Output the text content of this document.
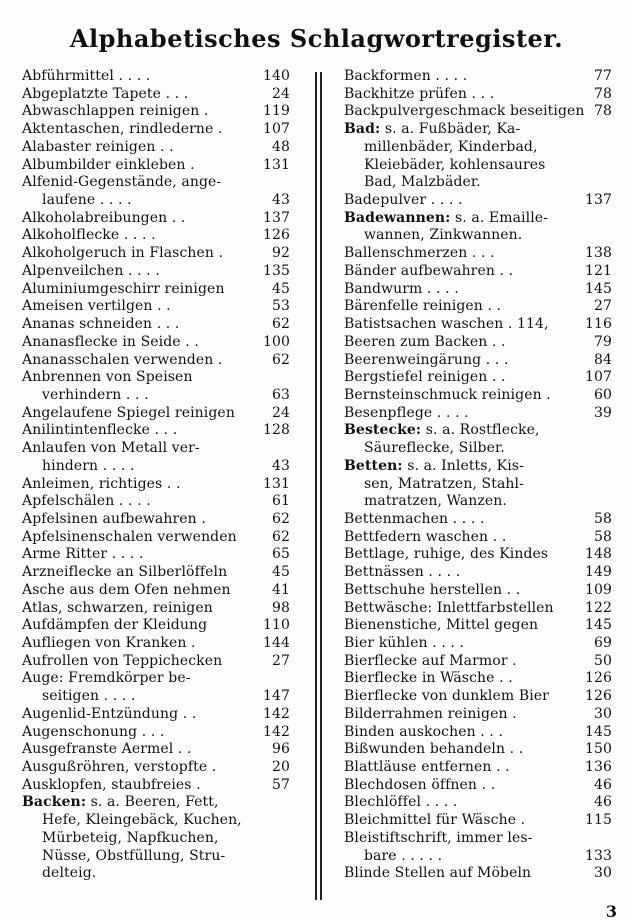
Alphabetisches Schlagwortregister.
Abführmittel . . . .	140
Abgeplatzte Tapete . . .	24
Abwaschlappen reinigen .	119
Aktentaschen, rindlederne .	107
Alabaster reinigen . .	48
Albumbilder einkleben .	131
Alfenid-Gegenstände, ange-
laufene . . . .	43
Alkoholabreibungen . .	137
Alkoholflecke . . . .	126
Alkoholgeruch in Flaschen .	92
Alpenveilchen . . . .	135
Aluminiumgeschirr reinigen	45
Ameisen vertilgen . .	53
Ananas schneiden . . .	62
Ananasflecke in Seide . .	100
Ananasschalen verwenden .	62
Anbrennen von Speisen
verhindern . . .	63
Angelaufene Spiegel reinigen	24
Anilintintenflecke . . .	128
Anlaufen von Metall ver-
hindern . . . .	43
Anleimen, richtiges . .	131
Apfelschälen . . . .	61
Apfelsinen aufbewahren .	62
Apfelsinenschalen verwenden	62
Arme Ritter . . . .	65
Arzneiflecke an Silberlöffeln	45
Asche aus dem Ofen nehmen	41
Atlas, schwarzen, reinigen	98
Aufdämpfen der Kleidung	110
Aufliegen von Kranken .	144
Aufrollen von Teppichecken	27
Auge: Fremdkörper be-
seitigen . . . .	147
Augenlid-Entzündung . .	142
Augenschonung . . .	142
Ausgefranste Aermel . .	96
Ausgußröhren, verstopfte .	20
Ausklopfen, staubfreies .	57
Backen: s. a. Beeren, Fett,
Hefe, Kleingebäck, Kuchen,
Mürbeteig, Napfkuchen,
Nüsse, Obstfüllung, Stru-
delteig.
Backformen . . . .	77
Backhitze prüfen . . .	78
Backpulvergeschmack beseitigen 78
Bad: s. a. Fußbäder, Ka-
millenbäder, Kinderbad,
Kleiebäder, kohlensaures
Bad, Malzbäder.
Badepulver . . . .	137
Badewannen: s. a. Emaille-
wannen, Zinkwannen.
Ballenschmerzen . . .	138
Bänder aufbewahren . .	121
Bandwurm . . . .	145
Bärenfelle reinigen . .	27
Batistsachen waschen . 114,	116
Beeren zum Backen . .	79
Beerenweingärung . . .	84
Bergstiefel reinigen . .	107
Bernsteinschmuck reinigen .	60
Besenpflege . . . .	39
Bestecke: s. a. Rostflecke,
Säureflecke, Silber.
Betten: s. a. Inletts, Kis-
sen, Matratzen, Stahl-
matratzen, Wanzen.
Bettenmachen . . . .	58
Bettfedern waschen . .	58
Bettlage, ruhige, des Kindes	148
Bettnässen . . . .	149
Bettschuhe herstellen . .	109
Bettwäsche: Inlettfarbstellen 122
Bienenstiche, Mittel gegen	145
Bier kühlen . . . .	69
Bierflecke auf Marmor .	50
Bierflecke in Wäsche . .	126
Bierflecke von dunklem Bier	126
Bilderrahmen reinigen .	30
Binden auskochen . . .	145
Bißwunden behandeln . .	150
Blattläuse entfernen . .	136
Blechdosen öffnen . .	46
Blechlöffel . . . .	46
Bleichmittel für Wäsche .	115
Bleistiftschrift, immer les-
bare . . . . .	133
Blinde Stellen auf Möbeln	30
3
